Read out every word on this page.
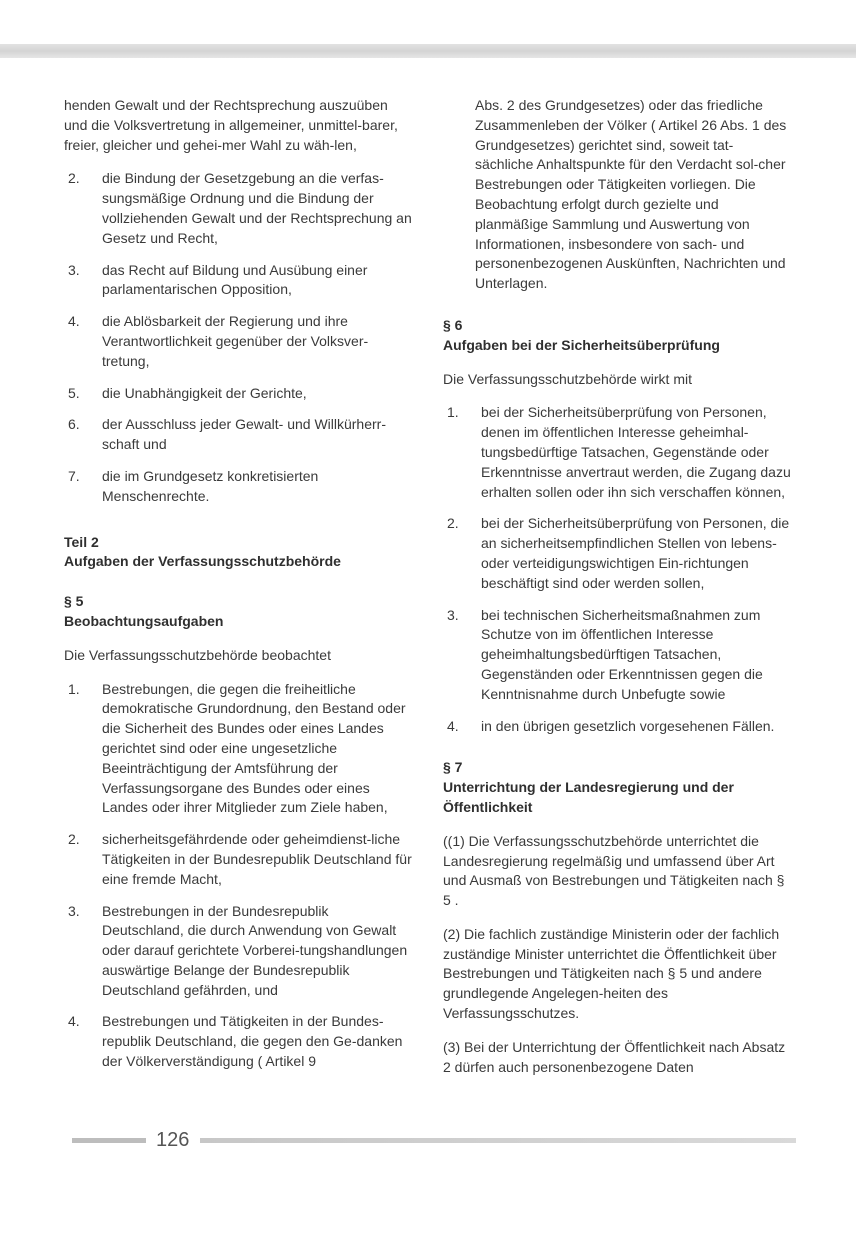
henden Gewalt und der Rechtsprechung auszuüben und die Volksvertretung in allgemeiner, unmittel-barer, freier, gleicher und gehei-mer Wahl zu wäh-len,

2.	die Bindung der Gesetzgebung an die verfas-sungsmäßige Ordnung und die Bindung der vollziehenden Gewalt und der Rechtsprechung an Gesetz und Recht,
3.	das Recht auf Bildung und Ausübung einer parlamentarischen Opposition,
4.	die Ablösbarkeit der Regierung und ihre Verantwortlichkeit gegenüber der Volksver-tretung,
5.	die Unabhängigkeit der Gerichte,
6.	der Ausschluss jeder Gewalt- und Willkürherr-schaft und
7.	die im Grundgesetz konkretisierten Menschenrechte.
Teil 2
Aufgaben der Verfassungsschutzbehörde
§ 5
Beobachtungsaufgaben

Die Verfassungsschutzbehörde beobachtet

1.	Bestrebungen, die gegen die freiheitliche demokratische Grundordnung, den Bestand oder die Sicherheit des Bundes oder eines Landes gerichtet sind oder eine ungesetzliche Beeinträchtigung der Amtsführung der Verfassungsorgane des Bundes oder eines Landes oder ihrer Mitglieder zum Ziele haben,
2.	sicherheitsgefährdende oder geheimdienst-liche Tätigkeiten in der Bundesrepublik Deutschland für eine fremde Macht,
3.	Bestrebungen in der Bundesrepublik Deutschland, die durch Anwendung von Gewalt oder darauf gerichtete Vorberei-tungshandlungen auswärtige Belange der Bundesrepublik Deutschland gefährden, und
4.	Bestrebungen und Tätigkeiten in der Bundes-republik Deutschland, die gegen den Ge-danken der Völkerverständigung ( Artikel 9

Abs. 2 des Grundgesetzes) oder das friedliche Zusammenleben der Völker ( Artikel 26 Abs. 1 des Grundgesetzes) gerichtet sind, soweit tat-sächliche Anhaltspunkte für den Verdacht sol-cher Bestrebungen oder Tätigkeiten vorliegen. Die Beobachtung erfolgt durch gezielte und planmäßige Sammlung und Auswertung von Informationen, insbesondere von sach- und personenbezogenen Auskünften, Nachrichten und Unterlagen.

§ 6
Aufgaben bei der Sicherheitsüberprüfung

Die Verfassungsschutzbehörde wirkt mit

1.	bei der Sicherheitsüberprüfung von Personen, denen im öffentlichen Interesse geheimhal-tungsbedürftige Tatsachen, Gegenstände oder Erkenntnisse anvertraut werden, die Zugang dazu erhalten sollen oder ihn sich verschaffen können,
2.	bei der Sicherheitsüberprüfung von Personen, die an sicherheitsempfindlichen Stellen von lebens- oder verteidigungswichtigen Ein-richtungen beschäftigt sind oder werden sollen,
3.	bei technischen Sicherheitsmaßnahmen zum Schutze von im öffentlichen Interesse geheimhaltungsbedürftigen Tatsachen, Gegenständen oder Erkenntnissen gegen die Kenntnisnahme durch Unbefugte sowie
4.	in den übrigen gesetzlich vorgesehenen Fällen.
§ 7
Unterrichtung der Landesregierung und der Öffentlichkeit

((1) Die Verfassungsschutzbehörde unterrichtet die Landesregierung regelmäßig und umfassend über Art und Ausmaß von Bestrebungen und Tätigkeiten nach § 5 .

(2) Die fachlich zuständige Ministerin oder der fachlich zuständige Minister unterrichtet die Öffentlichkeit über Bestrebungen und Tätigkeiten nach § 5 und andere grundlegende Angelegen-heiten des Verfassungsschutzes.

(3) Bei der Unterrichtung der Öffentlichkeit nach Absatz 2 dürfen auch personenbezogene Daten

126
